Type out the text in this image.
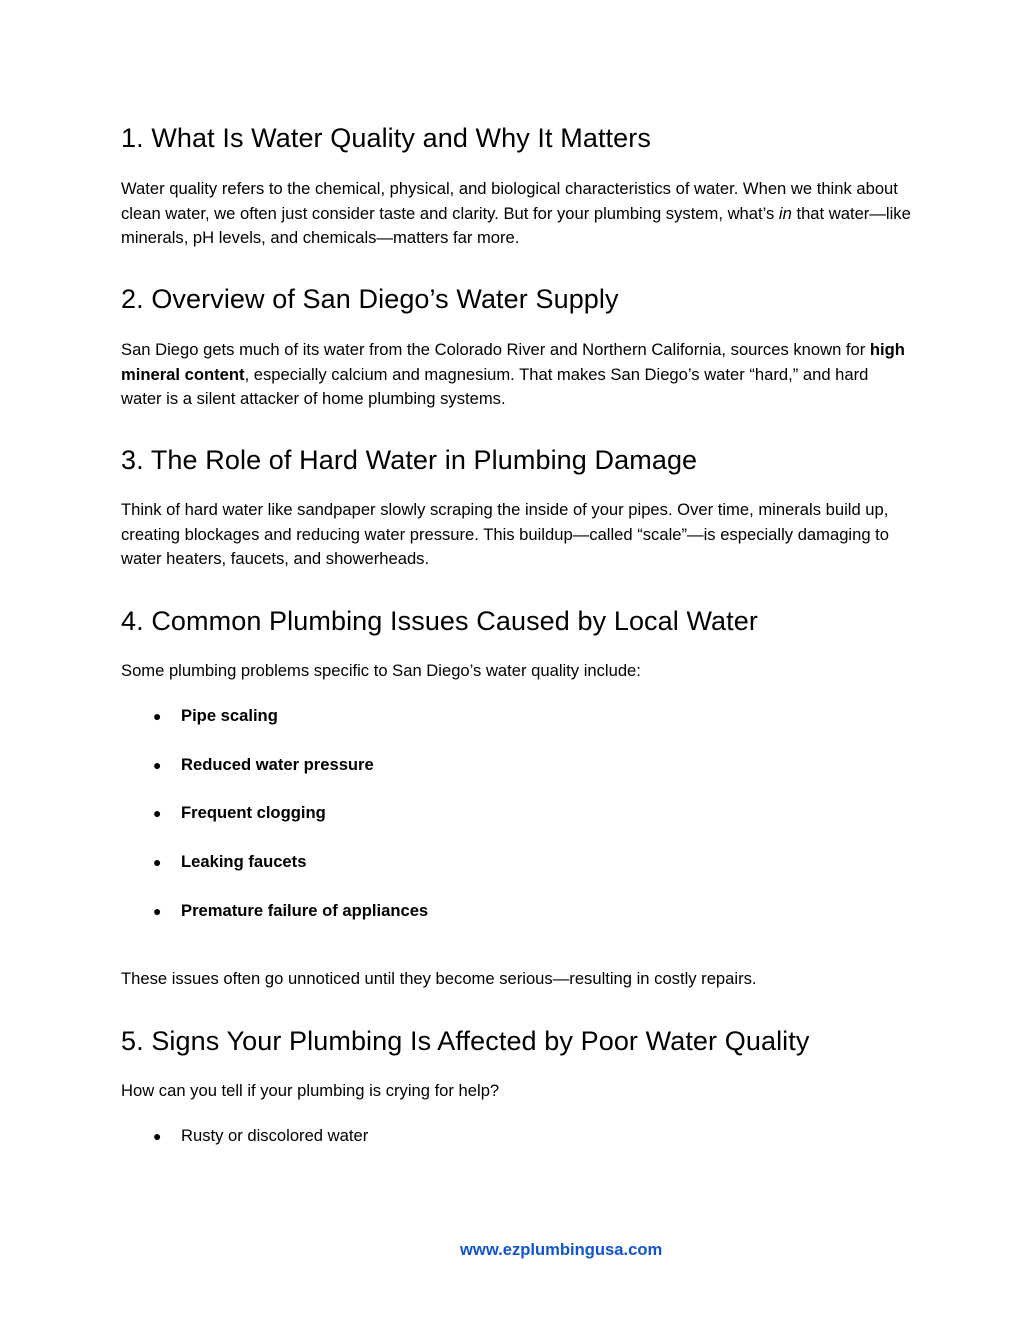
1. What Is Water Quality and Why It Matters

Water quality refers to the chemical, physical, and biological characteristics of water. When we think about clean water, we often just consider taste and clarity. But for your plumbing system, what’s in that water—like minerals, pH levels, and chemicals—matters far more.

2. Overview of San Diego’s Water Supply

San Diego gets much of its water from the Colorado River and Northern California, sources known for high mineral content, especially calcium and magnesium. That makes San Diego’s water “hard,” and hard water is a silent attacker of home plumbing systems.

3. The Role of Hard Water in Plumbing Damage

Think of hard water like sandpaper slowly scraping the inside of your pipes. Over time, minerals build up, creating blockages and reducing water pressure. This buildup—called “scale”—is especially damaging to water heaters, faucets, and showerheads.

4. Common Plumbing Issues Caused by Local Water

Some plumbing problems specific to San Diego’s water quality include:

● Pipe scaling
● Reduced water pressure
● Frequent clogging
● Leaking faucets
● Premature failure of appliances

These issues often go unnoticed until they become serious—resulting in costly repairs.

5. Signs Your Plumbing Is Affected by Poor Water Quality

How can you tell if your plumbing is crying for help?

● Rusty or discolored water
www.ezplumbingusa.com
